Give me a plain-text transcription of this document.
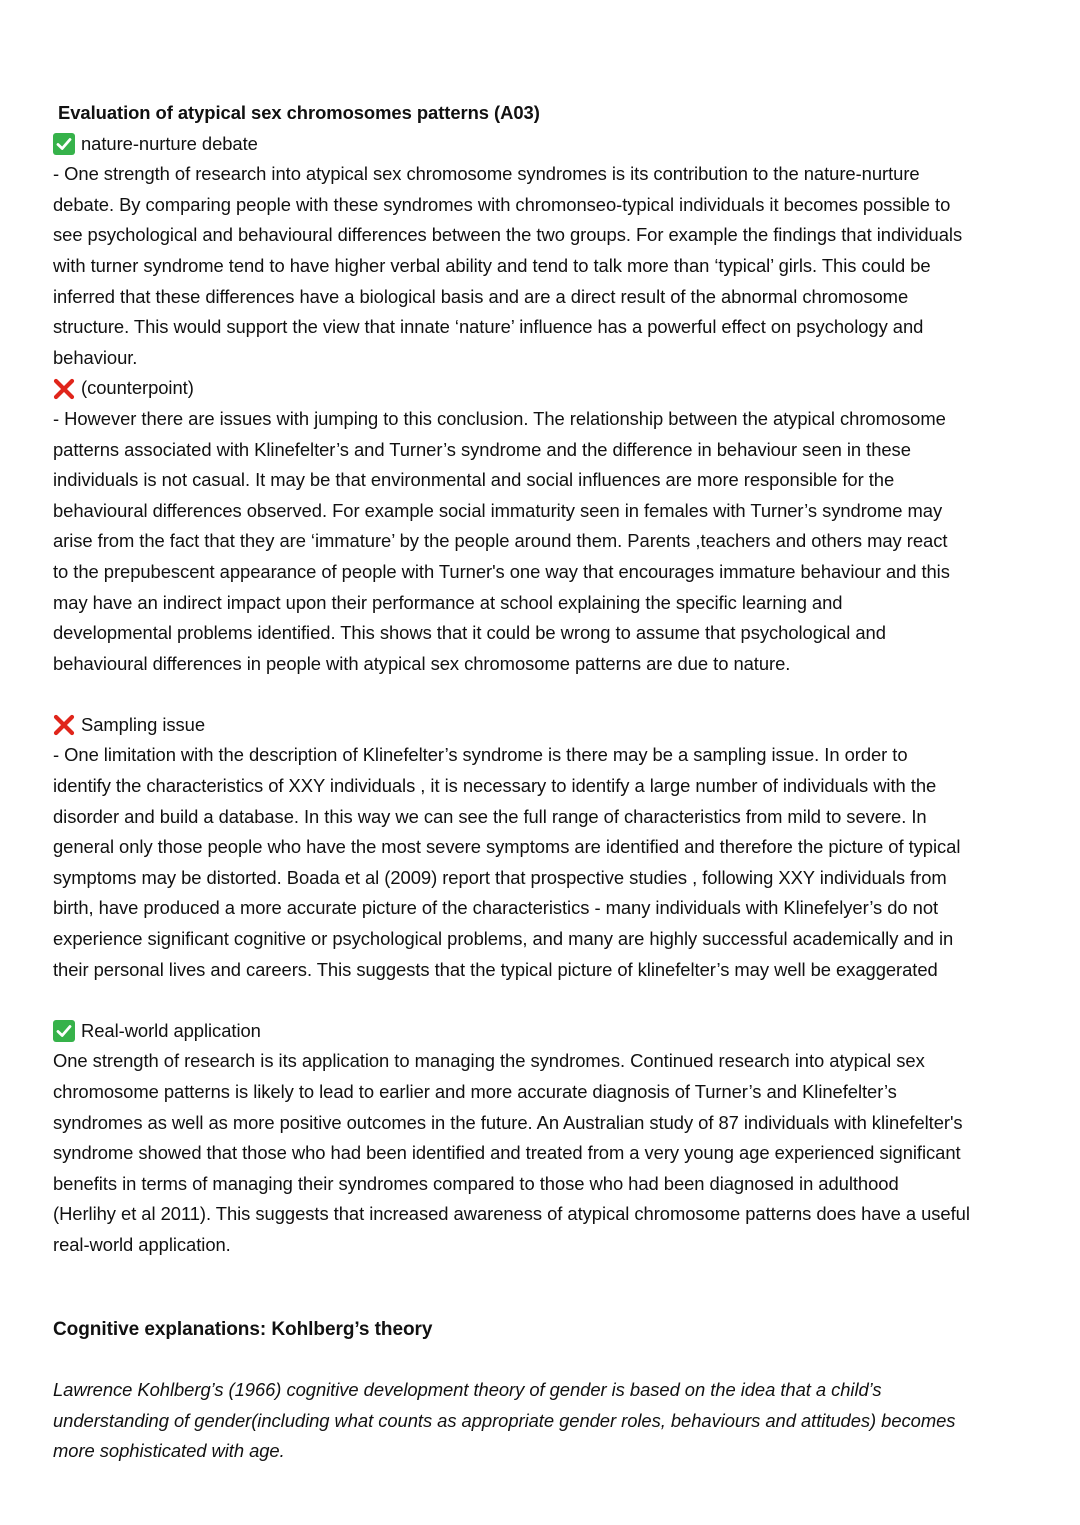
Evaluation of atypical sex chromosomes patterns (A03)
nature-nurture debate
- One strength of research into atypical sex chromosome syndromes is its contribution to the nature-nurture
debate. By comparing people with these syndromes with chromonseo-typical individuals it becomes possible to
see psychological and behavioural differences between the two groups. For example the findings that individuals
with turner syndrome tend to have higher verbal ability and tend to talk more than ‘typical’ girls. This could be
inferred that these differences have a biological basis and are a direct result of the abnormal chromosome
structure. This would support the view that innate ‘nature’ influence has a powerful effect on psychology and
behaviour.
(counterpoint)
- However there are issues with jumping to this conclusion. The relationship between the atypical chromosome
patterns associated with Klinefelter’s and Turner’s syndrome and the difference in behaviour seen in these
individuals is not casual. It may be that environmental and social influences are more responsible for the
behavioural differences observed. For example social immaturity seen in females with Turner’s syndrome may
arise from the fact that they are ‘immature’ by the people around them. Parents ,teachers and others may react
to the prepubescent appearance of people with Turner's one way that encourages immature behaviour and this
may have an indirect impact upon their performance at school explaining the specific learning and
developmental problems identified. This shows that it could be wrong to assume that psychological and
behavioural differences in people with atypical sex chromosome patterns are due to nature.
Sampling issue
- One limitation with the description of Klinefelter’s syndrome is there may be a sampling issue. In order to
identify the characteristics of XXY individuals , it is necessary to identify a large number of individuals with the
disorder and build a database. In this way we can see the full range of characteristics from mild to severe. In
general only those people who have the most severe symptoms are identified and therefore the picture of typical
symptoms may be distorted. Boada et al (2009) report that prospective studies , following XXY individuals from
birth, have produced a more accurate picture of the characteristics - many individuals with Klinefelyer’s do not
experience significant cognitive or psychological problems, and many are highly successful academically and in
their personal lives and careers. This suggests that the typical picture of klinefelter’s may well be exaggerated
Real-world application
One strength of research is its application to managing the syndromes. Continued research into atypical sex
chromosome patterns is likely to lead to earlier and more accurate diagnosis of Turner’s and Klinefelter’s
syndromes as well as more positive outcomes in the future. An Australian study of 87 individuals with klinefelter's
syndrome showed that those who had been identified and treated from a very young age experienced significant
benefits in terms of managing their syndromes compared to those who had been diagnosed in adulthood
(Herlihy et al 2011). This suggests that increased awareness of atypical chromosome patterns does have a useful
real-world application.
Cognitive explanations: Kohlberg’s theory
Lawrence Kohlberg’s (1966) cognitive development theory of gender is based on the idea that a child’s
understanding of gender(including what counts as appropriate gender roles, behaviours and attitudes) becomes
more sophisticated with age.
